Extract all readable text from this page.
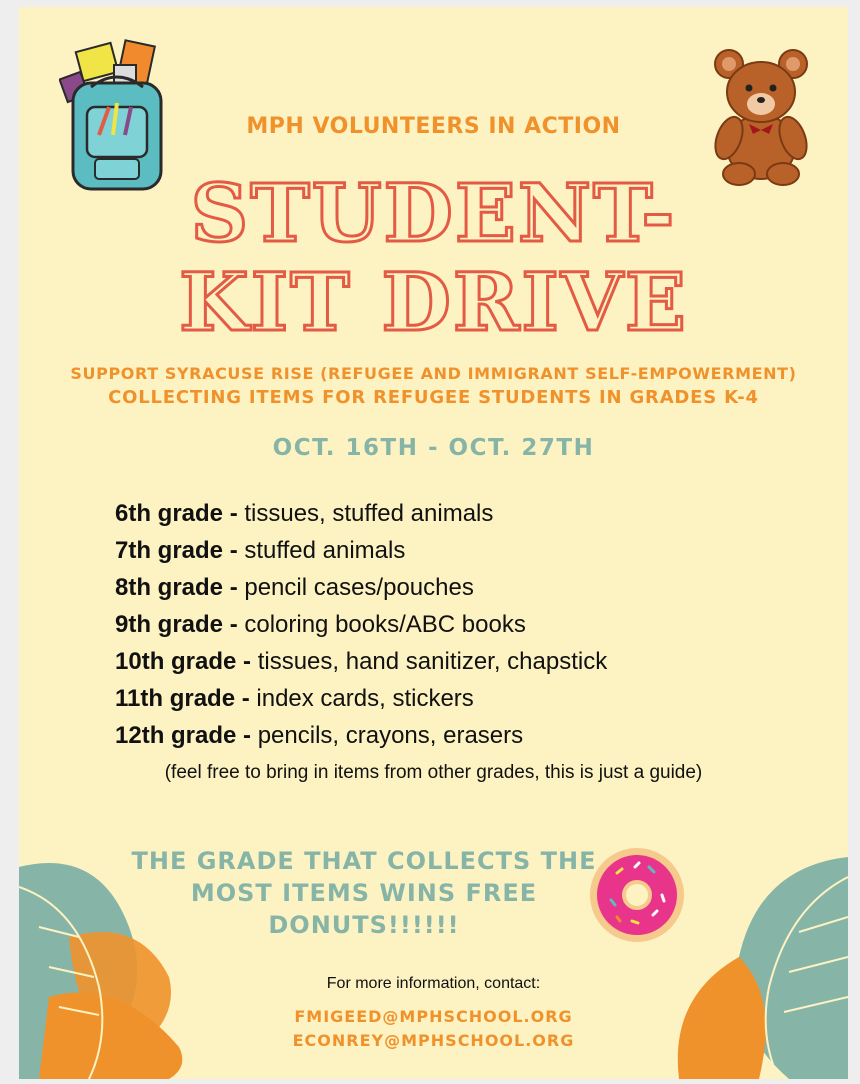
MPH VOLUNTEERS IN ACTION
STUDENT-
KIT DRIVE
SUPPORT SYRACUSE RISE (REFUGEE AND IMMIGRANT SELF-EMPOWERMENT)
COLLECTING ITEMS FOR REFUGEE STUDENTS IN GRADES K-4
OCT. 16TH - OCT. 27TH
6th grade - tissues, stuffed animals
7th grade - stuffed animals
8th grade - pencil cases/pouches
9th grade - coloring books/ABC books
10th grade - tissues, hand sanitizer, chapstick
11th grade - index cards, stickers
12th grade - pencils, crayons, erasers
(feel free to bring in items from other grades, this is just a guide)
THE GRADE THAT COLLECTS THE
MOST ITEMS WINS FREE
DONUTS!!!!!!
For more information, contact:
FMIGEED@MPHSCHOOL.ORG
ECONREY@MPHSCHOOL.ORG
